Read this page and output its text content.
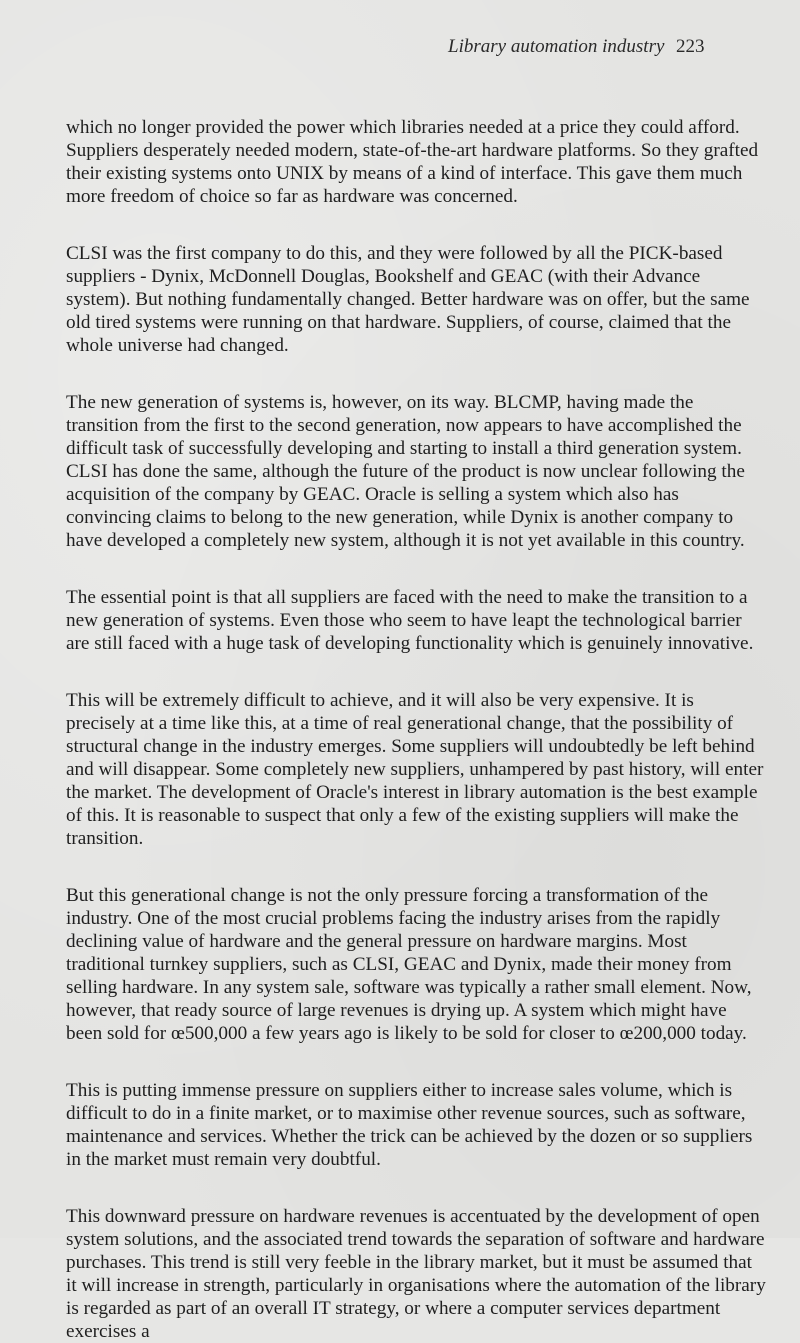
Library automation industry 223

which no longer provided the power which libraries needed at a price they could afford. Suppliers desperately needed modern, state-of-the-art hardware platforms. So they grafted their existing systems onto UNIX by means of a kind of interface. This gave them much more freedom of choice so far as hardware was concerned.

CLSI was the first company to do this, and they were followed by all the PICK-based suppliers - Dynix, McDonnell Douglas, Bookshelf and GEAC (with their Advance system). But nothing fundamentally changed. Better hardware was on offer, but the same old tired systems were running on that hardware. Suppliers, of course, claimed that the whole universe had changed.

The new generation of systems is, however, on its way. BLCMP, having made the transition from the first to the second generation, now appears to have accomplished the difficult task of successfully developing and starting to install a third generation system. CLSI has done the same, although the future of the product is now unclear following the acquisition of the company by GEAC. Oracle is selling a system which also has convincing claims to belong to the new generation, while Dynix is another company to have developed a completely new system, although it is not yet available in this country.

The essential point is that all suppliers are faced with the need to make the transition to a new generation of systems. Even those who seem to have leapt the technological barrier are still faced with a huge task of developing functionality which is genuinely innovative.

This will be extremely difficult to achieve, and it will also be very expensive. It is precisely at a time like this, at a time of real generational change, that the possibility of structural change in the industry emerges. Some suppliers will undoubtedly be left behind and will disappear. Some completely new suppliers, unhampered by past history, will enter the market. The development of Oracle's interest in library automation is the best example of this. It is reasonable to suspect that only a few of the existing suppliers will make the transition.

But this generational change is not the only pressure forcing a transformation of the industry. One of the most crucial problems facing the industry arises from the rapidly declining value of hardware and the general pressure on hardware margins. Most traditional turnkey suppliers, such as CLSI, GEAC and Dynix, made their money from selling hardware. In any system sale, software was typically a rather small element. Now, however, that ready source of large revenues is drying up. A system which might have been sold for œ500,000 a few years ago is likely to be sold for closer to œ200,000 today.

This is putting immense pressure on suppliers either to increase sales volume, which is difficult to do in a finite market, or to maximise other revenue sources, such as software, maintenance and services. Whether the trick can be achieved by the dozen or so suppliers in the market must remain very doubtful.

This downward pressure on hardware revenues is accentuated by the development of open system solutions, and the associated trend towards the separation of software and hardware purchases. This trend is still very feeble in the library market, but it must be assumed that it will increase in strength, particularly in organisations where the automation of the library is regarded as part of an overall IT strategy, or where a computer services department exercises a
